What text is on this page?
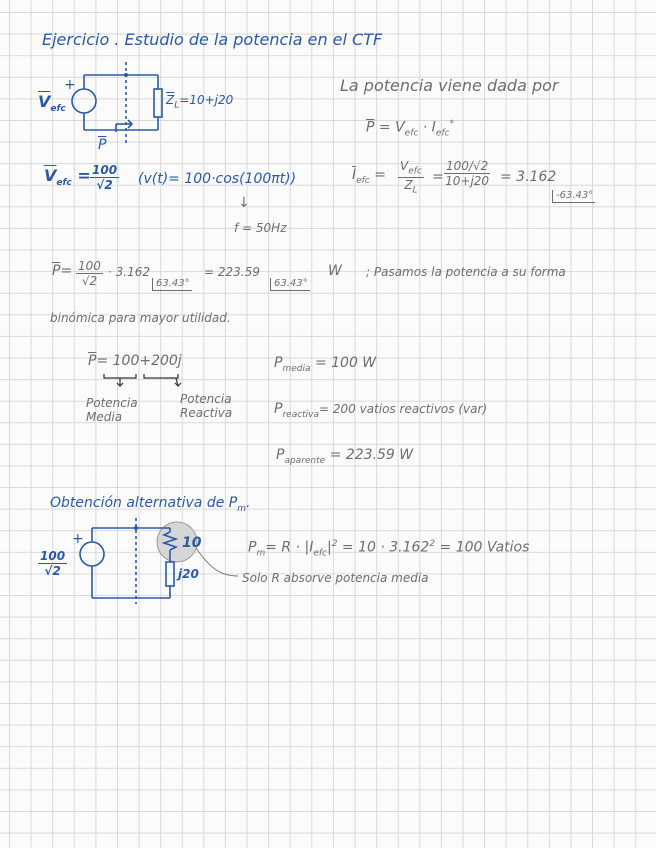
Ejercicio . Estudio de la potencia en el CTF
+
$\overline{V}_{efc}$
$\overline{Z}_L=10+j20$
$\overline{P}$
La potencia viene dada por
$\overline{P} = V_{efc} \cdot I_{efc}^*$
$\overline{I}_{efc}$ =
$V_{efc}$
$Z_L$
= $\frac{100/√2}{10+j20} = 3.162$
-63.43°
$\overline{V}_{efc} = \frac{100}{√2} (v(t)= 100\cdot\cos(100\pi t))$
↓
f = 50Hz
$\overline{P}= \frac{100}{√2} \cdot 3.162$
63.43°
= 223.59
63.43°
W ; Pasamos la potencia a su forma
binómica para mayor utilidad.
$\overline{P}= 100+200j$
Potencia
Media
Potencia
Reactiva
$P_{media} = 100$ W
$P_{reactiva}= 200$ vatios reactivos (var)
$P_{aparente} = 223.59$ W
Obtención alternativa de $P_m$.
+
$\frac{100}{√2}$
10
j20
$P_m= R \cdot |I_{efc}|^2 = 10 \cdot 3.162^2 = 100$ Vatios
Solo R absorve potencia media
